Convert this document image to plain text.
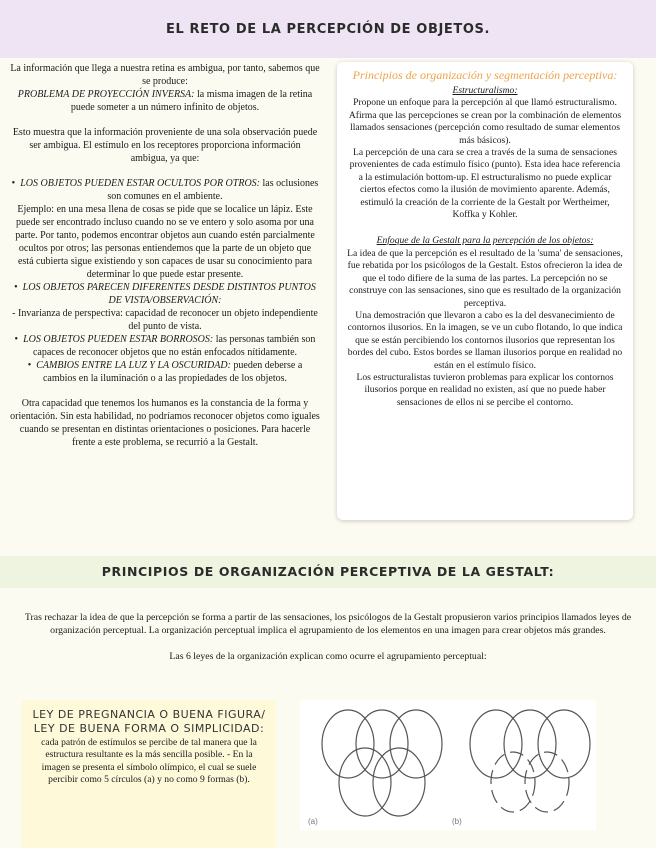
EL RETO DE LA PERCEPCIÓN DE OBJETOS.

La información que llega a nuestra retina es ambigua, por tanto, sabemos que se produce:
PROBLEMA DE PROYECCIÓN INVERSA: la misma imagen de la retina puede someter a un número infinito de objetos.

Esto muestra que la información proveniente de una sola observación puede ser ambigua. El estímulo en los receptores proporciona información ambigua, ya que:

• LOS OBJETOS PUEDEN ESTAR OCULTOS POR OTROS: las oclusiones son comunes en el ambiente.
Ejemplo: en una mesa llena de cosas se pide que se localice un lápiz. Este puede ser encontrado incluso cuando no se ve entero y solo asoma por una parte. Por tanto, podemos encontrar objetos aun cuando estén parcialmente ocultos por otros; las personas entiendemos que la parte de un objeto que está cubierta sigue existiendo y son capaces de usar su conocimiento para determinar lo que puede estar presente.
• LOS OBJETOS PARECEN DIFERENTES DESDE DISTINTOS PUNTOS DE VISTA/OBSERVACIÓN:
- Invarianza de perspectiva: capacidad de reconocer un objeto independiente del punto de vista.
• LOS OBJETOS PUEDEN ESTAR BORROSOS: las personas también son capaces de reconocer objetos que no están enfocados nítidamente.
• CAMBIOS ENTRE LA LUZ Y LA OSCURIDAD: pueden deberse a cambios en la iluminación o a las propiedades de los objetos.

Otra capacidad que tenemos los humanos es la constancia de la forma y orientación. Sin esta habilidad, no podríamos reconocer objetos como iguales cuando se presentan en distintas orientaciones o posiciones. Para hacerle frente a este problema, se recurrió a la Gestalt.

Principios de organización y segmentación perceptiva:

Estructuralismo:

Propone un enfoque para la percepción al que llamó estructuralismo. Afirma que las percepciones se crean por la combinación de elementos llamados sensaciones (percepción como resultado de sumar elementos más básicos).

La percepción de una cara se crea a través de la suma de sensaciones provenientes de cada estímulo físico (punto). Esta idea hace referencia a la estimulación bottom-up. El estructuralismo no puede explicar ciertos efectos como la ilusión de movimiento aparente. Además, estimuló la creación de la corriente de la Gestalt por Wertheimer, Koffka y Kohler.

Enfoque de la Gestalt para la percepción de los objetos:

La idea de que la percepción es el resultado de la 'suma' de sensaciones, fue rebatida por los psicólogos de la Gestalt. Estos ofrecieron la idea de que el todo difiere de la suma de las partes. La percepción no se construye con las sensaciones, sino que es resultado de la organización perceptiva.

Una demostración que llevaron a cabo es la del desvanecimiento de contornos ilusorios. En la imagen, se ve un cubo flotando, lo que indica que se están percibiendo los contornos ilusorios que representan los bordes del cubo. Estos bordes se llaman ilusorios porque en realidad no están en el estímulo físico.

Los estructuralistas tuvieron problemas para explicar los contornos ilusorios porque en realidad no existen, así que no puede haber sensaciones de ellos ni se percibe el contorno.

PRINCIPIOS DE ORGANIZACIÓN PERCEPTIVA DE LA GESTALT:

Tras rechazar la idea de que la percepción se forma a partir de las sensaciones, los psicólogos de la Gestalt propusieron varios principios llamados leyes de organización perceptual. La organización perceptual implica el agrupamiento de los elementos en una imagen para crear objetos más grandes.

Las 6 leyes de la organización explican como ocurre el agrupamiento perceptual:

LEY DE PREGNANCIA O BUENA FIGURA/ LEY DE BUENA FORMA O SIMPLICIDAD:
cada patrón de estímulos se percibe de tal manera que la estructura resultante es la más sencilla posible. - En la imagen se presenta el símbolo olímpico, el cual se suele percibir como 5 círculos (a) y no como 9 formas (b).
(a)	(b)
